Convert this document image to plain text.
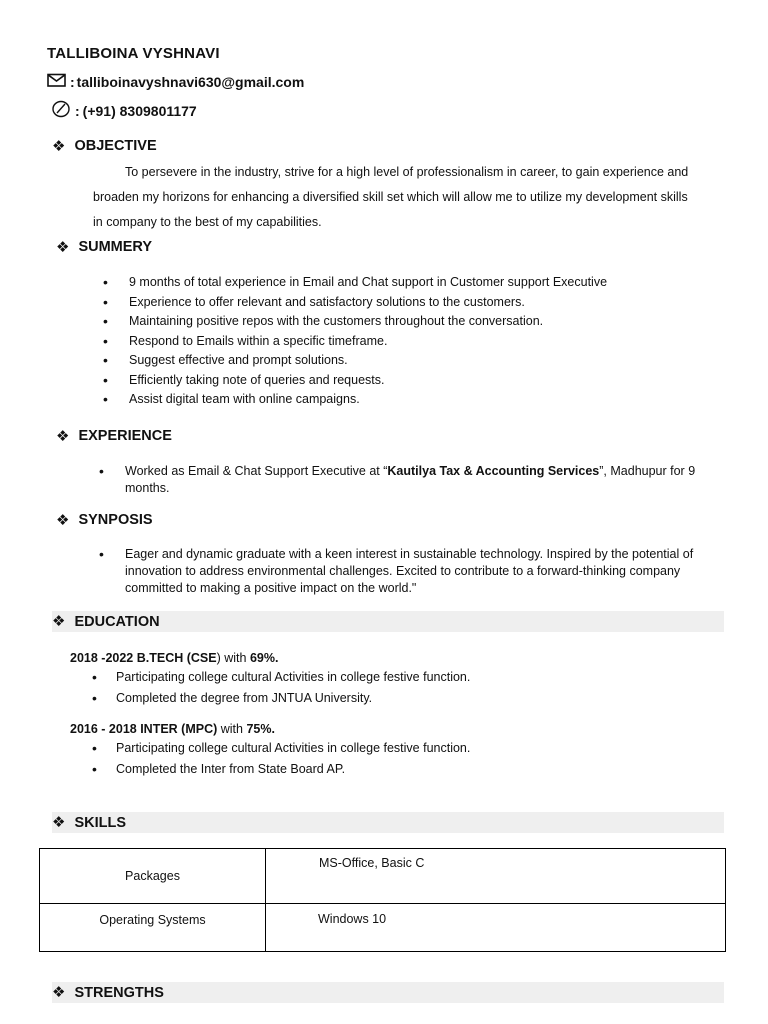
TALLIBOINA VYSHNAVI
: talliboinavyshnavi630@gmail.com
: (+91) 8309801177
❖ OBJECTIVE
To persevere in the industry, strive for a high level of professionalism in career, to gain experience and
broaden my horizons for enhancing a diversified skill set which will allow me to utilize my development skills
in company to the best of my capabilities.
❖ SUMMERY
• 9 months of total experience in Email and Chat support in Customer support Executive
• Experience to offer relevant and satisfactory solutions to the customers.
• Maintaining positive repos with the customers throughout the conversation.
• Respond to Emails within a specific timeframe.
• Suggest effective and prompt solutions.
• Efficiently taking note of queries and requests.
• Assist digital team with online campaigns.
❖ EXPERIENCE
• Worked as Email & Chat Support Executive at “Kautilya Tax & Accounting Services”, Madhupur for 9
months.
❖ SYNPOSIS
• Eager and dynamic graduate with a keen interest in sustainable technology. Inspired by the potential of
innovation to address environmental challenges. Excited to contribute to a forward-thinking company
committed to making a positive impact on the world."
❖ EDUCATION
2018 -2022 B.TECH (CSE) with 69%.
• Participating college cultural Activities in college festive function.
• Completed the degree from JNTUA University.
2016 - 2018 INTER (MPC) with 75%.
• Participating college cultural Activities in college festive function.
• Completed the Inter from State Board AP.
❖ SKILLS
Packages	MS-Office, Basic C
Operating Systems	Windows 10
❖ STRENGTHS
